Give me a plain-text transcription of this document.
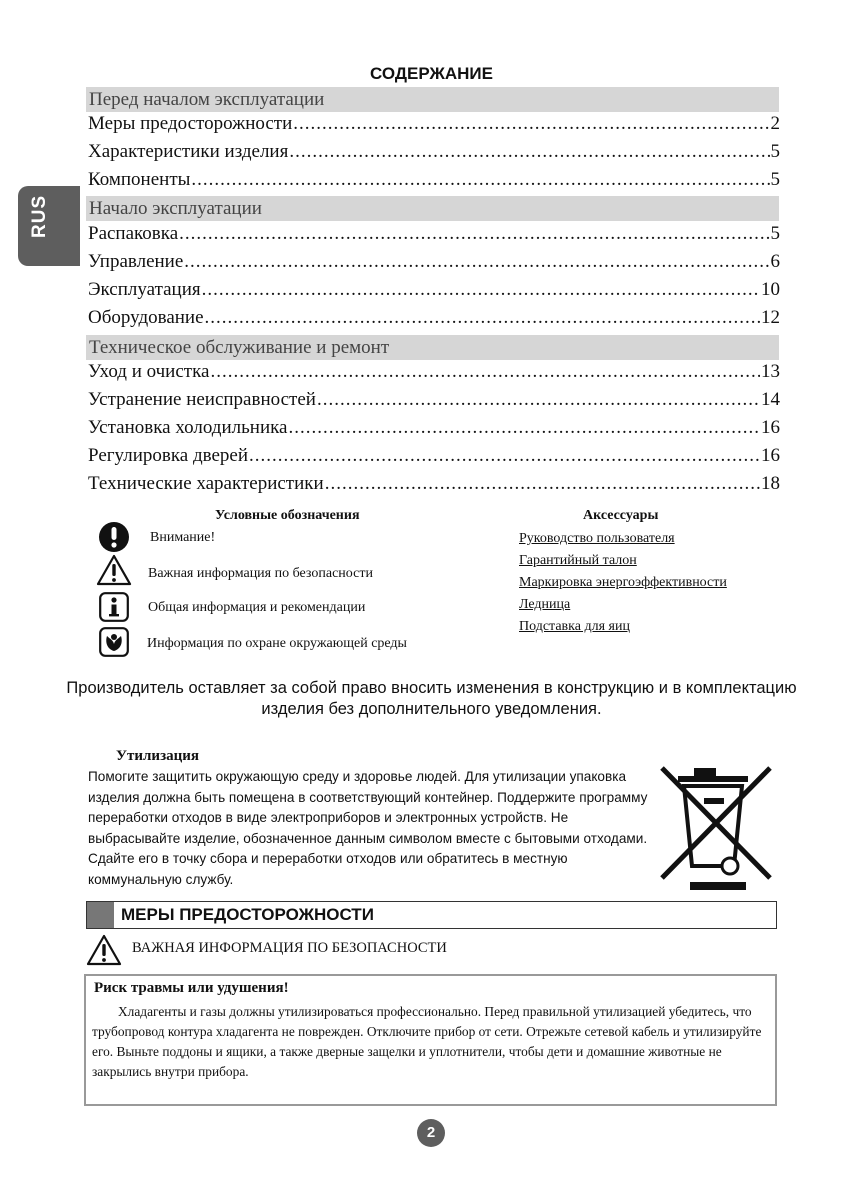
RUS
СОДЕРЖАНИЕ
Перед началом эксплуатации
Меры предосторожности .....	2
Характеристики изделия .....	5
Компоненты .....	5
Начало эксплуатации
Распаковка .....	5
Управление .....	6
Эксплуатация .....	10
Оборудование .....	12
Техническое обслуживание и ремонт
Уход и очистка .....	13
Устранение неисправностей .....	14
Установка холодильника .....	16
Регулировка дверей .....	16
Технические характеристики .....	18
Условные обозначения
Внимание!
Важная информация по безопасности
Общая информация и рекомендации
Информация по охране окружающей среды
Аксессуары
Руководство пользователя
Гарантийный талон
Маркировка энергоэффективности
Ледница
Подставка для яиц
Производитель оставляет за собой право вносить изменения в конструкцию и в комплектацию изделия без дополнительного уведомления.
Утилизация
Помогите защитить окружающую среду и здоровье людей. Для утилизации упаковка изделия должна быть помещена в соответствующий контейнер. Поддержите программу переработки отходов в виде электроприборов и электронных устройств. Не выбрасывайте изделие, обозначенное данным символом вместе с бытовыми отходами. Сдайте его в точку сбора и переработки отходов или обратитесь в местную коммунальную службу.
МЕРЫ ПРЕДОСТОРОЖНОСТИ
ВАЖНАЯ ИНФОРМАЦИЯ ПО БЕЗОПАСНОСТИ
Риск травмы или удушения!
Хладагенты и газы должны утилизироваться профессионально. Перед правильной утилизацией убедитесь, что трубопровод контура хладагента не поврежден. Отключите прибор от сети. Отрежьте сетевой кабель и утилизируйте его. Выньте поддоны и ящики, а также дверные защелки и уплотнители, чтобы дети и домашние животные не закрылись внутри прибора.
2
